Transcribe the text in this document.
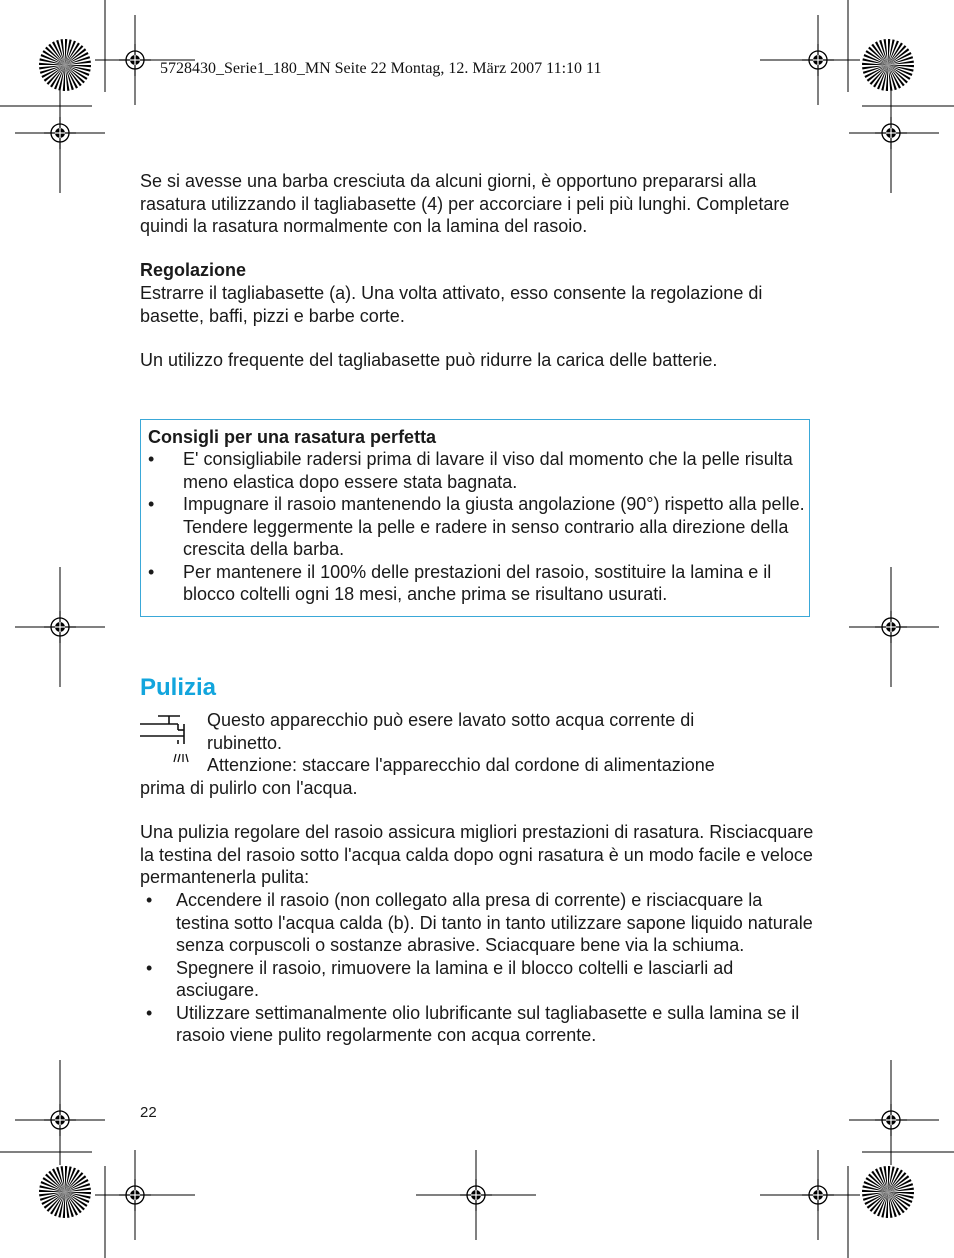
5728430_Serie1_180_MN Seite 22 Montag, 12. März 2007 11:10 11

Se si avesse una barba cresciuta da alcuni giorni, è opportuno prepararsi alla rasatura utilizzando il tagliabasette (4) per accorciare i peli più lunghi. Completare quindi la rasatura normalmente con la lamina del rasoio.

Regolazione

Estrarre il tagliabasette (a). Una volta attivato, esso consente la regolazione di basette, baffi, pizzi e barbe corte.

Un utilizzo frequente del tagliabasette può ridurre la carica delle batterie.

Consigli per una rasatura perfetta
• E' consigliabile radersi prima di lavare il viso dal momento che la pelle risulta meno elastica dopo essere stata bagnata.
• Impugnare il rasoio mantenendo la giusta angolazione (90°) rispetto alla pelle. Tendere leggermente la pelle e radere in senso contrario alla direzione della crescita della barba.
• Per mantenere il 100% delle prestazioni del rasoio, sostituire la lamina e il blocco coltelli ogni 18 mesi, anche prima se risultano usurati.
Pulizia
Questo apparecchio può esere lavato sotto acqua corrente di
rubinetto.
Attenzione: staccare l'apparecchio dal cordone di alimentazione
prima di pulirlo con l'acqua.

Una pulizia regolare del rasoio assicura migliori prestazioni di rasatura. Risciacquare la testina del rasoio sotto l'acqua calda dopo ogni rasatura è un modo facile e veloce permantenerla pulita:

• Accendere il rasoio (non collegato alla presa di corrente) e risciacquare la testina sotto l'acqua calda (b). Di tanto in tanto utilizzare sapone liquido naturale senza corpuscoli o sostanze abrasive. Sciacquare bene via la schiuma.
• Spegnere il rasoio, rimuovere la lamina e il blocco coltelli e lasciarli ad asciugare.
• Utilizzare settimanalmente olio lubrificante sul tagliabasette e sulla lamina se il rasoio viene pulito regolarmente con acqua corrente.
22
